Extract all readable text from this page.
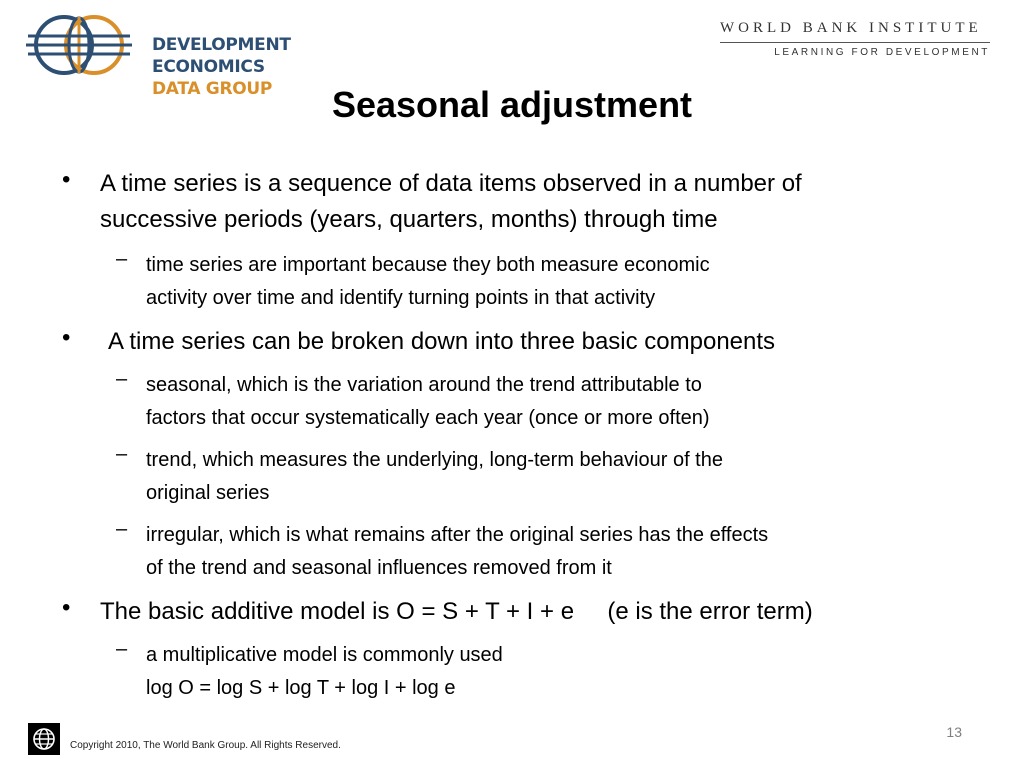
DEVELOPMENT ECONOMICS
DATA GROUP
WORLD BANK INSTITUTE
LEARNING FOR DEVELOPMENT
Seasonal adjustment
• A time series is a sequence of data items observed in a number of
successive periods (years, quarters, months) through time
– time series are important because they both measure economic
activity over time and identify turning points in that activity
• A time series can be broken down into three basic components
– seasonal, which is the variation around the trend attributable to
factors that occur systematically each year (once or more often)
– trend, which measures the underlying, long-term behaviour of the
original series
– irregular, which is what remains after the original series has the effects
of the trend and seasonal influences removed from it
• The basic additive model is O = S + T + I + e     (e is the error term)
– a multiplicative model is commonly used
log O = log S + log T + log I + log e
Copyright 2010, The World Bank Group. All Rights Reserved.
13
